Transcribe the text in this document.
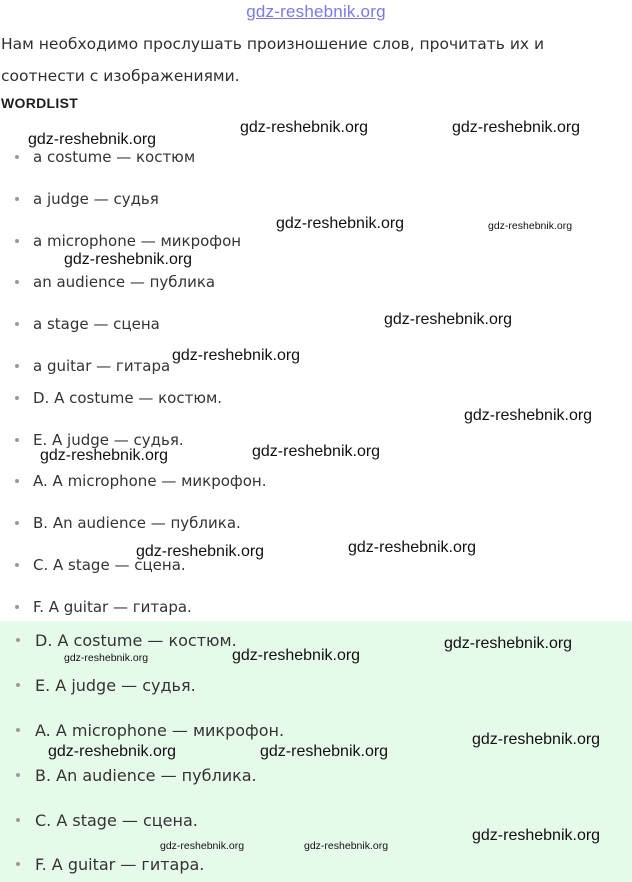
gdz-reshebnik.org
Нам необходимо прослушать произношение слов, прочитать их и соотнести с изображениями.
WORDLIST
a costume — костюм
a judge — судья
a microphone — микрофон
an audience — публика
a stage — сцена
a guitar — гитара
D. A costume — костюм.
E. A judge — судья.
A. A microphone — микрофон.
B. An audience — публика.
C. A stage — сцена.
F. A guitar — гитара.
D. A costume — костюм.
E. A judge — судья.
A. A microphone — микрофон.
B. An audience — публика.
C. A stage — сцена.
F. A guitar — гитара.
gdz-reshebnik.org
gdz-reshebnik.org	gdz-reshebnik.org
gdz-reshebnik.org	gdz-reshebnik.org
gdz-reshebnik.org
gdz-reshebnik.org
gdz-reshebnik.org
gdz-reshebnik.org
gdz-reshebnik.org
gdz-reshebnik.org
gdz-reshebnik.org
gdz-reshebnik.org
gdz-reshebnik.org
gdz-reshebnik.org
gdz-reshebnik.org
gdz-reshebnik.org
gdz-reshebnik.org	gdz-reshebnik.org
gdz-reshebnik.org
gdz-reshebnik.org	gdz-reshebnik.org
